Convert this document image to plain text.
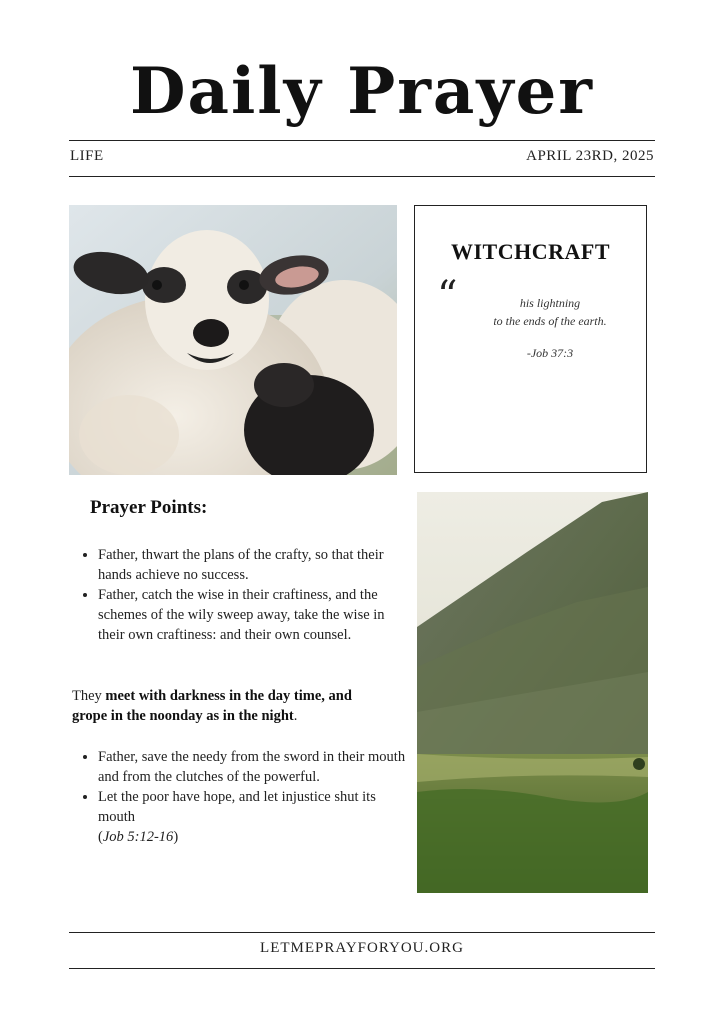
Daily Prayer
LIFE	APRIL 23RD, 2025
WITCHCRAFT
“	his lightning
to the ends of the earth.
-Job 37:3
Prayer Points:
• Father, thwart the plans of the crafty, so that their hands achieve no success.
• Father, catch the wise in their craftiness, and the schemes of the wily sweep away, take the wise in their own craftiness: and their own counsel.
They meet with darkness in the day time, and grope in the noonday as in the night.
• Father, save the needy from the sword in their mouth and from the clutches of the powerful.
• Let the poor have hope, and let injustice shut its mouth
(Job 5:12-16)
LETMEPRAYFORYOU.ORG
